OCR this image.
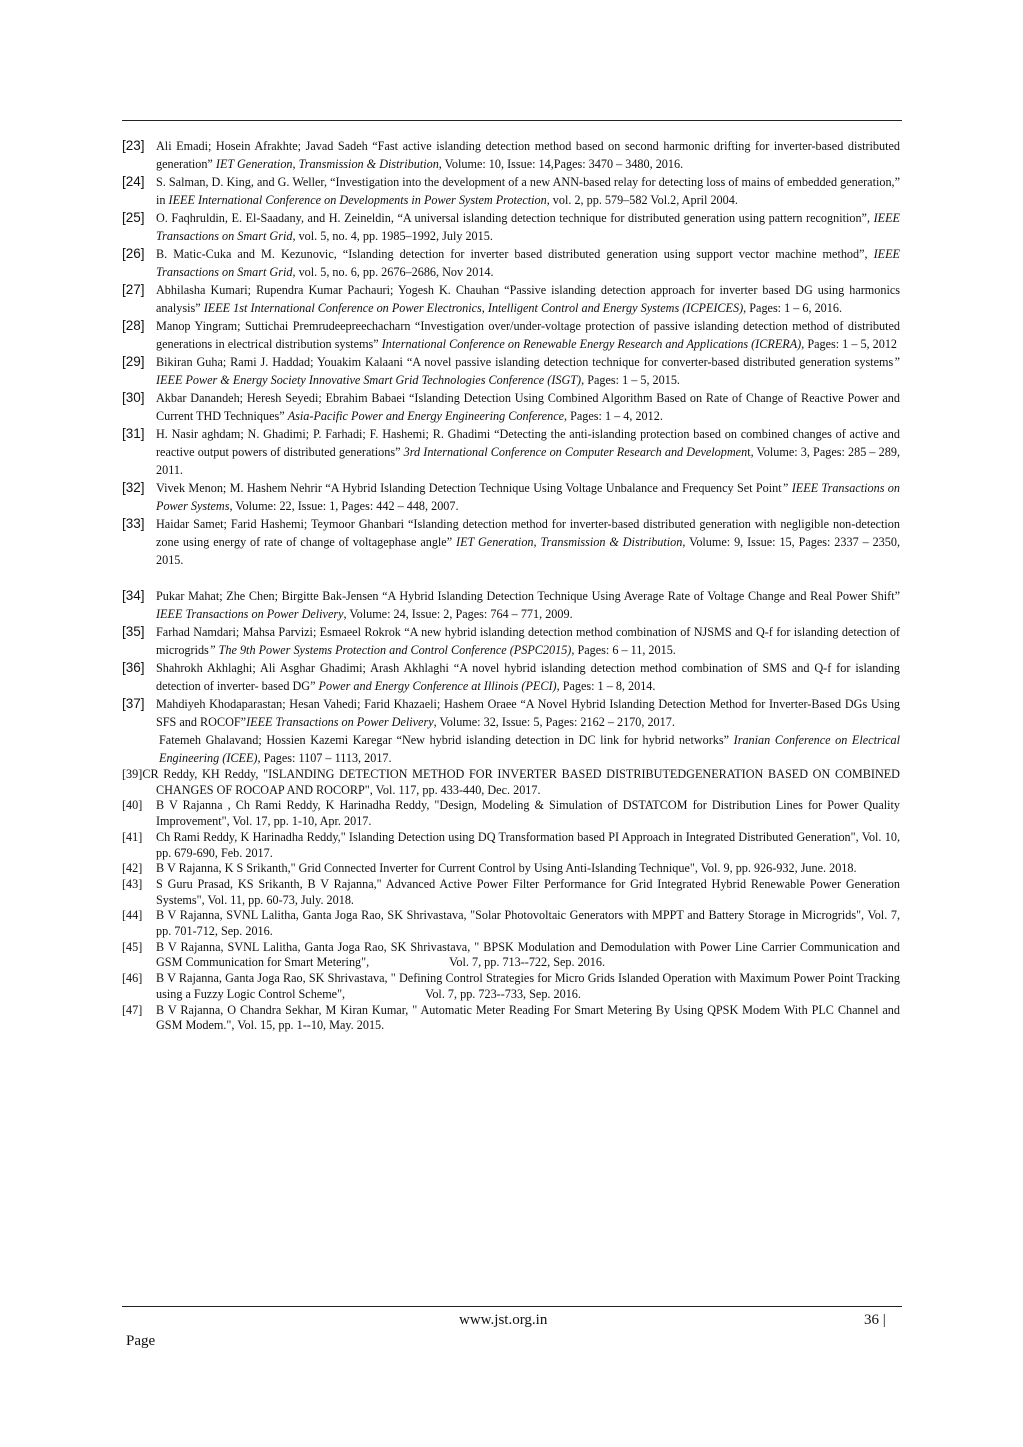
[23] Ali Emadi; Hosein Afrakhte; Javad Sadeh “Fast active islanding detection method based on second harmonic drifting for inverter-based distributed generation” IET Generation, Transmission & Distribution, Volume: 10, Issue: 14,Pages: 3470 – 3480, 2016.
[24] S. Salman, D. King, and G. Weller, “Investigation into the development of a new ANN-based relay for detecting loss of mains of embedded generation,” in IEEE International Conference on Developments in Power System Protection, vol. 2, pp. 579–582 Vol.2, April 2004.
[25] O. Faqhruldin, E. El-Saadany, and H. Zeineldin, “A universal islanding detection technique for distributed generation using pattern recognition”, IEEE Transactions on Smart Grid, vol. 5, no. 4, pp. 1985–1992, July 2015.
[26] B. Matic-Cuka and M. Kezunovic, “Islanding detection for inverter based distributed generation using support vector machine method”, IEEE Transactions on Smart Grid, vol. 5, no. 6, pp. 2676–2686, Nov 2014.
[27] Abhilasha Kumari; Rupendra Kumar Pachauri; Yogesh K. Chauhan “Passive islanding detection approach for inverter based DG using harmonics analysis” IEEE 1st International Conference on Power Electronics, Intelligent Control and Energy Systems (ICPEICES), Pages: 1 – 6, 2016.
[28] Manop Yingram; Suttichai Premrudeepreechacharn “Investigation over/under-voltage protection of passive islanding detection method of distributed generations in electrical distribution systems” International Conference on Renewable Energy Research and Applications (ICRERA), Pages: 1 – 5, 2012
[29] Bikiran Guha; Rami J. Haddad; Youakim Kalaani “A novel passive islanding detection technique for converter-based distributed generation systems” IEEE Power & Energy Society Innovative Smart Grid Technologies Conference (ISGT), Pages: 1 – 5, 2015.
[30] Akbar Danandeh; Heresh Seyedi; Ebrahim Babaei “Islanding Detection Using Combined Algorithm Based on Rate of Change of Reactive Power and Current THD Techniques” Asia-Pacific Power and Energy Engineering Conference, Pages: 1 – 4, 2012.
[31] H. Nasir aghdam; N. Ghadimi; P. Farhadi; F. Hashemi; R. Ghadimi “Detecting the anti-islanding protection based on combined changes of active and reactive output powers of distributed generations” 3rd International Conference on Computer Research and Development, Volume: 3, Pages: 285 – 289, 2011.
[32] Vivek Menon; M. Hashem Nehrir “A Hybrid Islanding Detection Technique Using Voltage Unbalance and Frequency Set Point” IEEE Transactions on Power Systems, Volume: 22, Issue: 1, Pages: 442 – 448, 2007.
[33] Haidar Samet; Farid Hashemi; Teymoor Ghanbari “Islanding detection method for inverter-based distributed generation with negligible non-detection zone using energy of rate of change of voltagephase angle” IET Generation, Transmission & Distribution, Volume: 9, Issue: 15, Pages: 2337 – 2350, 2015.
[34] Pukar Mahat; Zhe Chen; Birgitte Bak-Jensen “A Hybrid Islanding Detection Technique Using Average Rate of Voltage Change and Real Power Shift” IEEE Transactions on Power Delivery, Volume: 24, Issue: 2, Pages: 764 – 771, 2009.
[35] Farhad Namdari; Mahsa Parvizi; Esmaeel Rokrok “A new hybrid islanding detection method combination of NJSMS and Q-f for islanding detection of microgrids” The 9th Power Systems Protection and Control Conference (PSPC2015), Pages: 6 – 11, 2015.
[36] Shahrokh Akhlaghi; Ali Asghar Ghadimi; Arash Akhlaghi “A novel hybrid islanding detection method combination of SMS and Q-f for islanding detection of inverter- based DG” Power and Energy Conference at Illinois (PECI), Pages: 1 – 8, 2014.
[37] Mahdiyeh Khodaparastan; Hesan Vahedi; Farid Khazaeli; Hashem Oraee “A Novel Hybrid Islanding Detection Method for Inverter-Based DGs Using SFS and ROCOF”IEEE Transactions on Power Delivery, Volume: 32, Issue: 5, Pages: 2162 – 2170, 2017.
Fatemeh Ghalavand; Hossien Kazemi Karegar “New hybrid islanding detection in DC link for hybrid networks” Iranian Conference on Electrical Engineering (ICEE), Pages: 1107 – 1113, 2017.
[39]CR Reddy, KH Reddy, "ISLANDING DETECTION METHOD FOR INVERTER BASED DISTRIBUTEDGENERATION BASED ON COMBINED CHANGES OF ROCOAP AND ROCORP", Vol. 117, pp. 433-440, Dec. 2017.
[40] B V Rajanna , Ch Rami Reddy, K Harinadha Reddy, "Design, Modeling & Simulation of DSTATCOM for Distribution Lines for Power Quality Improvement", Vol. 17, pp. 1-10, Apr. 2017.
[41] Ch Rami Reddy, K Harinadha Reddy," Islanding Detection using DQ Transformation based PI Approach in Integrated Distributed Generation", Vol. 10, pp. 679-690, Feb. 2017.
[42] B V Rajanna, K S Srikanth," Grid Connected Inverter for Current Control by Using Anti-Islanding Technique", Vol. 9, pp. 926-932, June. 2018.
[43] S Guru Prasad, KS Srikanth, B V Rajanna," Advanced Active Power Filter Performance for Grid Integrated Hybrid Renewable Power Generation Systems", Vol. 11, pp. 60-73, July. 2018.
[44] B V Rajanna, SVNL Lalitha, Ganta Joga Rao, SK Shrivastava, "Solar Photovoltaic Generators with MPPT and Battery Storage in Microgrids", Vol. 7, pp. 701-712, Sep. 2016.
[45] B V Rajanna, SVNL Lalitha, Ganta Joga Rao, SK Shrivastava, " BPSK Modulation and Demodulation with Power Line Carrier Communication and GSM Communication for Smart Metering",	Vol. 7, pp. 713--722, Sep. 2016.
[46] B V Rajanna, Ganta Joga Rao, SK Shrivastava, " Defining Control Strategies for Micro Grids Islanded Operation with Maximum Power Point Tracking using a Fuzzy Logic Control Scheme",	Vol. 7, pp. 723--733, Sep. 2016.
[47] B V Rajanna, O Chandra Sekhar, M Kiran Kumar, " Automatic Meter Reading For Smart Metering By Using QPSK Modem With PLC Channel and GSM Modem.", Vol. 15, pp. 1--10, May. 2015.
www.jst.org.in	36 |
Page
